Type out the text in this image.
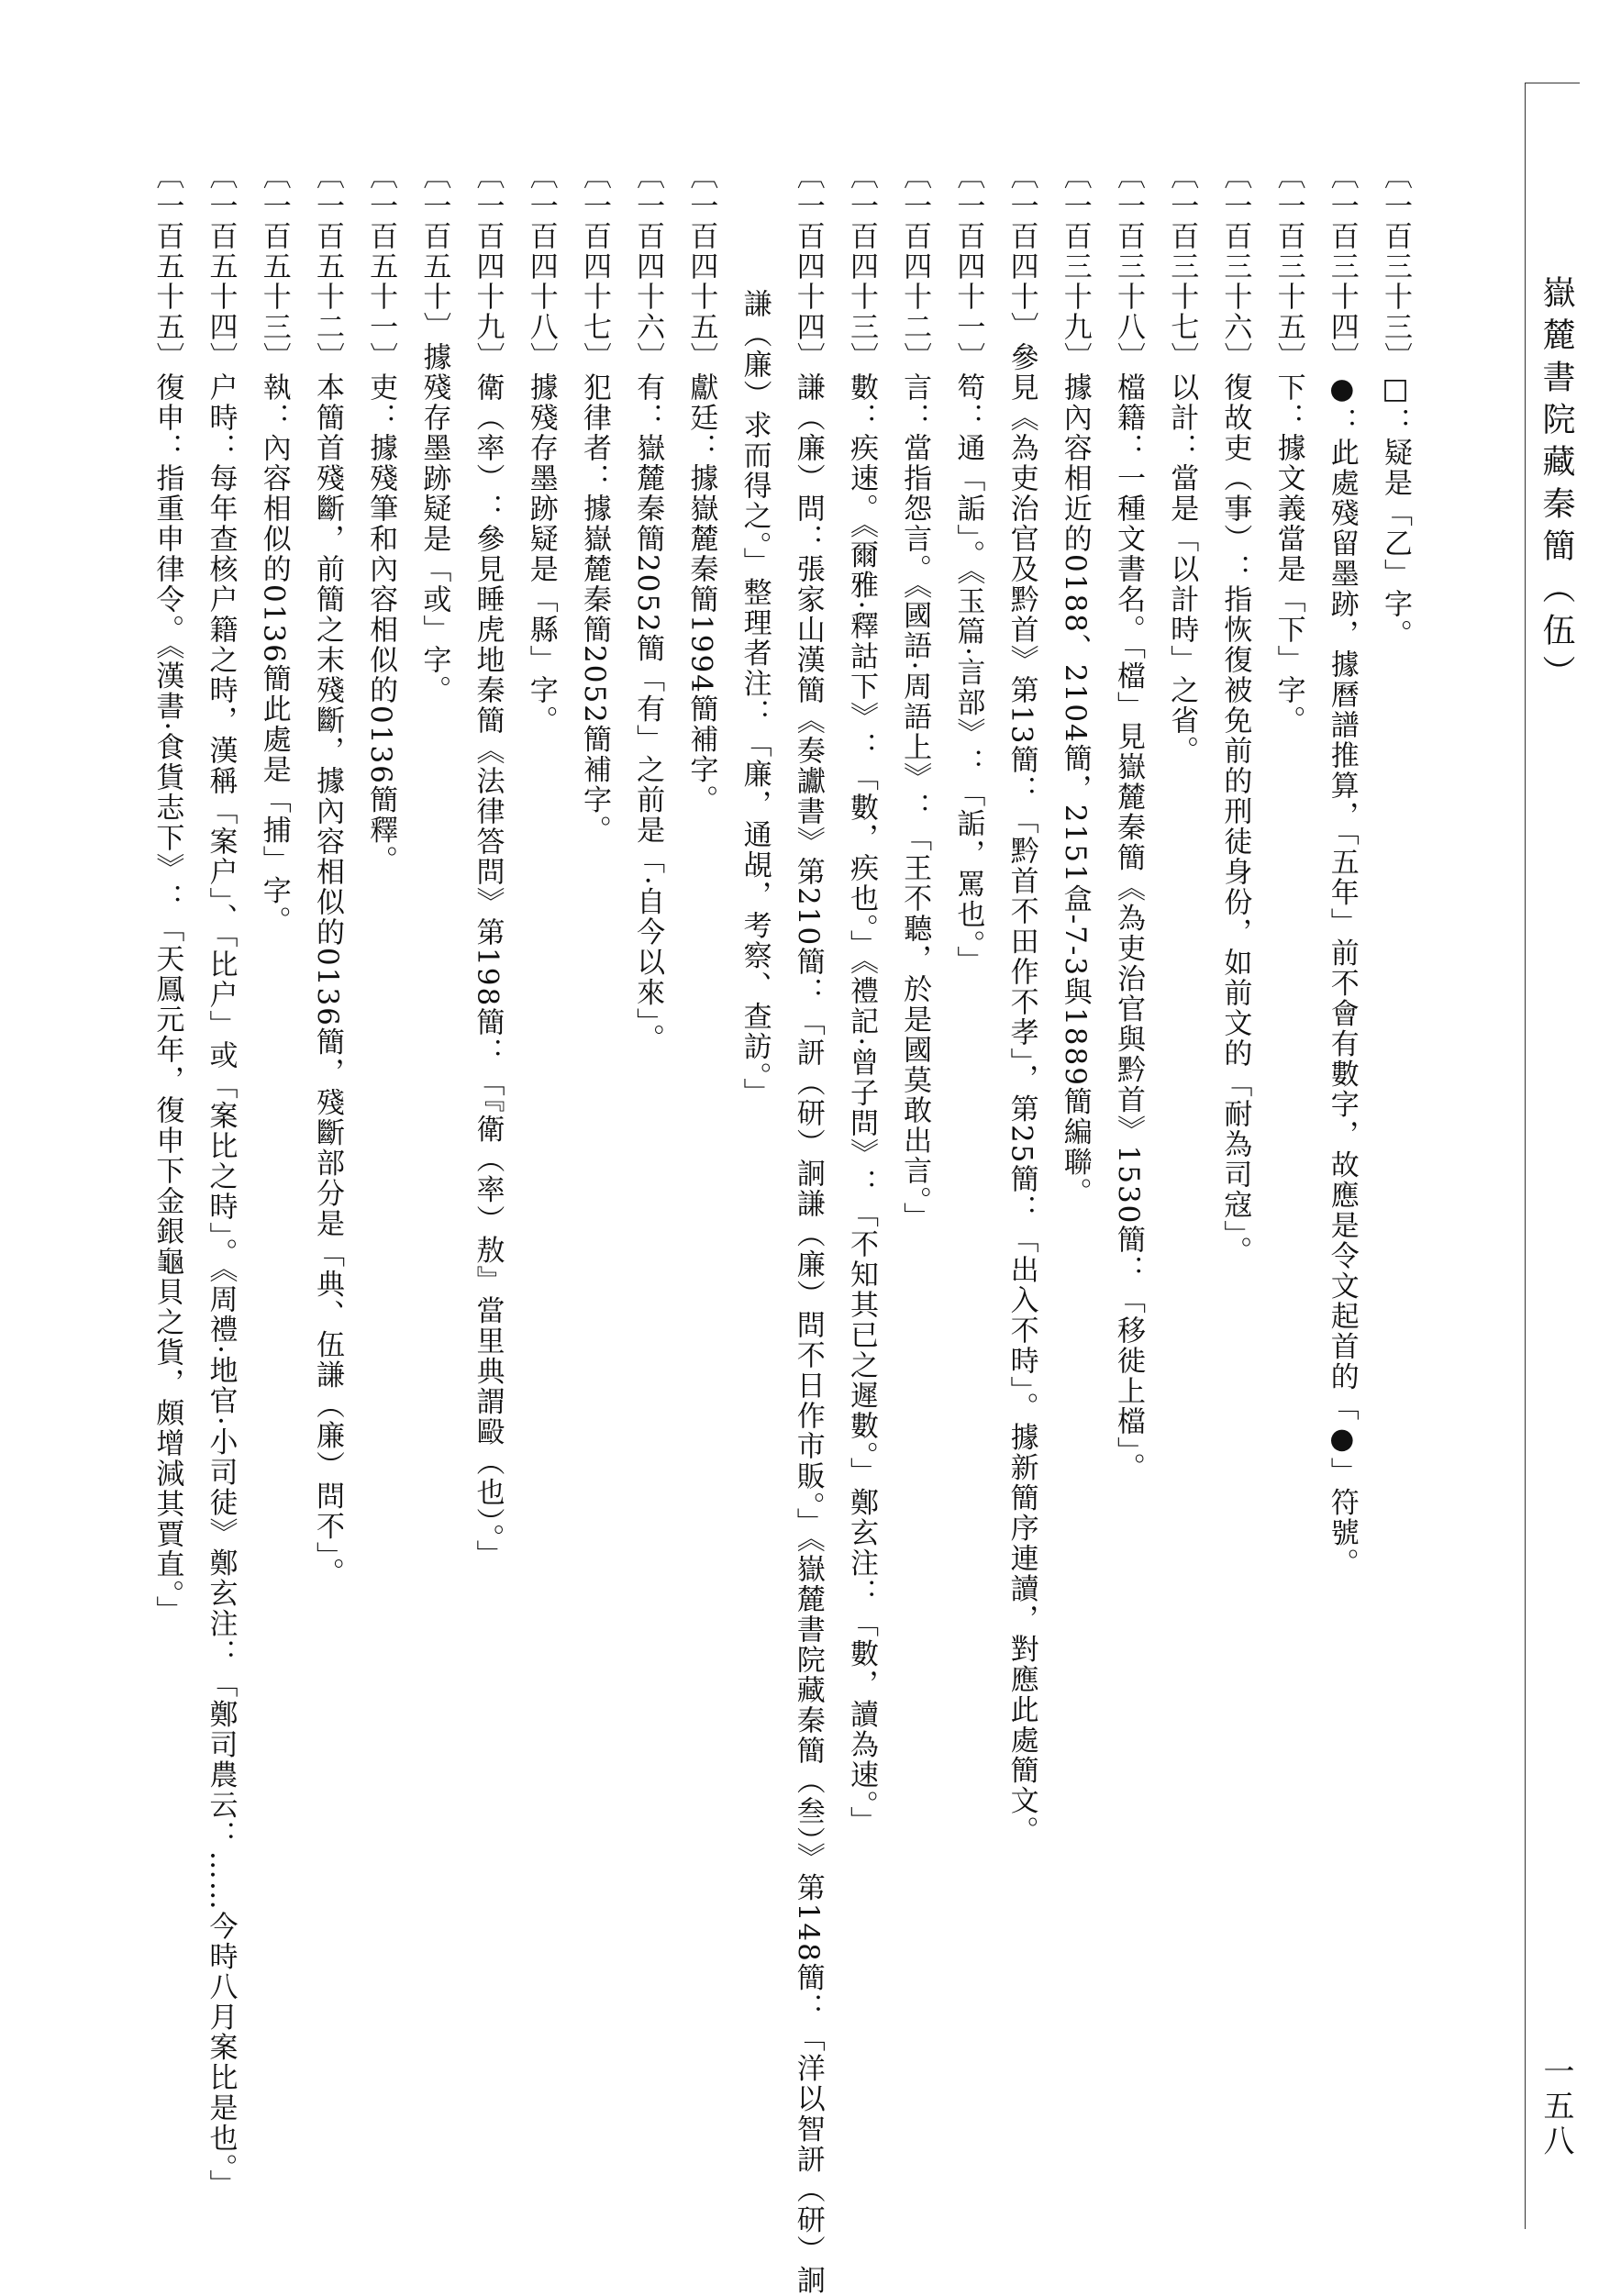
嶽麓書院藏秦簡（伍）
一五八
〔一百三十三〕□：疑是「乙」字。
〔一百三十四〕●：此處殘留墨跡，據曆譜推算，「五年」前不會有數字，故應是令文起首的「●」符號。
〔一百三十五〕下：據文義當是「下」字。
〔一百三十六〕復故吏（事）：指恢復被免前的刑徒身份，如前文的「耐為司寇」。
〔一百三十七〕以計：當是「以計時」之省。
〔一百三十八〕檔籍：一種文書名。「檔」見嶽麓秦簡《為吏治官與黔首》1530簡：「移徙上檔」。
〔一百三十九〕據內容相近的0188、2104簡，2151盒-7-3與1889簡編聯。
〔一百四十〕參見《為吏治官及黔首》第13簡：「黔首不田作不孝」，第25簡：「出入不時」。據新簡序連讀，對應此處簡文。
〔一百四十一〕笱：通「詬」。《玉篇·言部》：「詬，罵也。」
〔一百四十二〕言：當指怨言。《國語·周語上》：「王不聽，於是國莫敢出言。」
〔一百四十三〕數：疾速。《爾雅·釋詁下》：「數，疾也。」《禮記·曾子問》：「不知其已之遲數。」鄭玄注：「數，讀為速。」
〔一百四十四〕謙（廉）問：張家山漢簡《奏讞書》第210簡：「訮（研）詗謙（廉）問不日作市販。」《嶽麓書院藏秦簡（叁）》第148簡：「洋以智訮（研）詗
謙（廉）求而得之。」整理者注：「廉，通覘，考察、查訪。」
〔一百四十五〕獻廷：據嶽麓秦簡1994簡補字。
〔一百四十六〕有：嶽麓秦簡2052簡「有」之前是「·自今以來」。
〔一百四十七〕犯律者：據嶽麓秦簡2052簡補字。
〔一百四十八〕據殘存墨跡疑是「縣」字。
〔一百四十九〕衛（率）：參見睡虎地秦簡《法律答問》第198簡：「『衛（率）敖』當里典謂毆（也）。」
〔一百五十〕據殘存墨跡疑是「或」字。
〔一百五十一〕吏：據殘筆和內容相似的0136簡釋。
〔一百五十二〕本簡首殘斷，前簡之末殘斷，據內容相似的0136簡，殘斷部分是「典、伍謙（廉）問不」。
〔一百五十三〕執：內容相似的0136簡此處是「捕」字。
〔一百五十四〕户時：每年查核户籍之時，漢稱「案户」、「比户」或「案比之時」。《周禮·地官·小司徒》鄭玄注：「鄭司農云：……今時八月案比是也。」
〔一百五十五〕復申：指重申律令。《漢書·食貨志下》：「天鳳元年，復申下金銀龜貝之貨，頗增減其賈直。」
